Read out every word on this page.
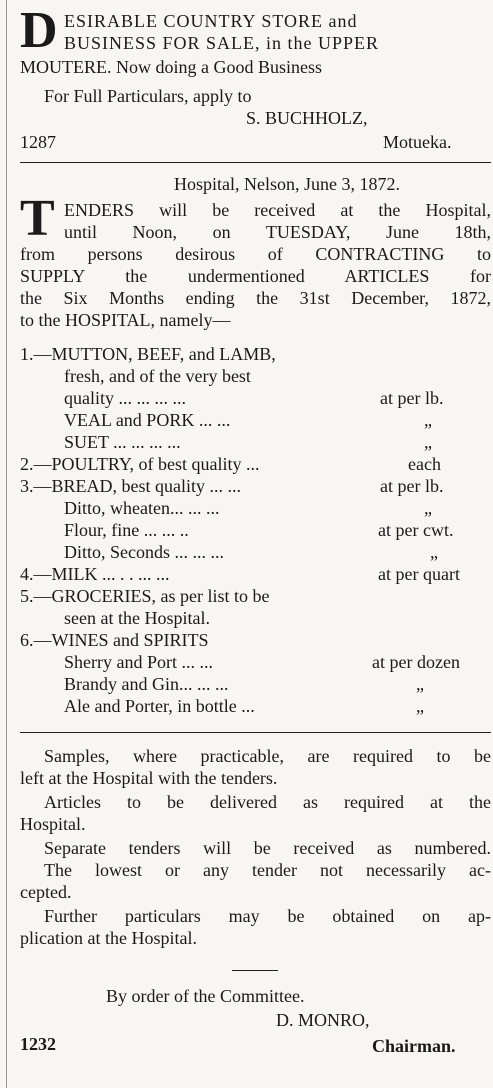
D ESIRABLE COUNTRY STORE and
BUSINESS FOR SALE, in the UPPER
MOUTERE. Now doing a Good Business
For Full Particulars, apply to
S. BUCHHOLZ,
1287	Motueka.
Hospital, Nelson, June 3, 1872.
T ENDERS will be received at the Hospital,
until Noon, on TUESDAY, June 18th,
from persons desirous of CONTRACTING to
SUPPLY the undermentioned ARTICLES for
the Six Months ending the 31st December, 1872,
to the HOSPITAL, namely—
1.—MUTTON, BEEF, and LAMB,
fresh, and of the very best
quality ... ... ... ...	at per lb.
VEAL and PORK ... ...	„
SUET ... ... ... ...	„
2.—POULTRY, of best quality ...	each
3.—BREAD, best quality ... ...	at per lb.
Ditto, wheaten... ... ...	„
Flour, fine ... ... ..	at per cwt.
Ditto, Seconds ... ... ...	„
4.—MILK ... . . ... ...	at per quart
5.—GROCERIES, as per list to be
seen at the Hospital.
6.—WINES and SPIRITS
Sherry and Port ... ...	at per dozen
Brandy and Gin... ... ...	„
Ale and Porter, in bottle ...	„
Samples, where practicable, are required to be
left at the Hospital with the tenders.
Articles to be delivered as required at the
Hospital.
Separate tenders will be received as numbered.
The lowest or any tender not necessarily ac-
cepted.
Further particulars may be obtained on ap-
plication at the Hospital.
By order of the Committee.
D. MONRO,
1232	Chairman.
